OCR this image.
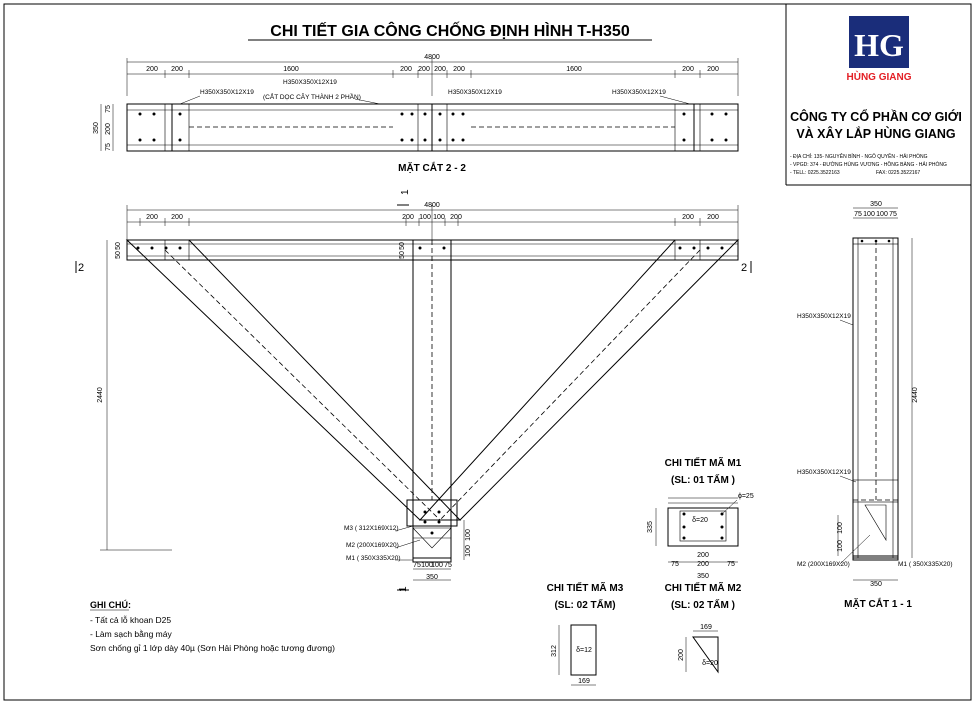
CHI TIẾT GIA CÔNG CHỐNG ĐỊNH HÌNH T-H350	HG
HÙNG GIANG
CÔNG TY CỔ PHẦN CƠ GIỚI
VÀ XÂY LẮP HÙNG GIANG
- ĐỊA CHỈ: 135- NGUYỄN BỈNH - NGÔ QUYỀN - HẢI PHÒNG
- VPGD: 374 - ĐƯỜNG HÙNG VƯƠNG - HỒNG BÀNG - HẢI PHÒNG
- TELL: 0225.3522163	FAX: 0225.3522167
4800
200 200	1600	200 200 200 200	1600	200 200
75
200
75
350
H350X350X12X19
H350X350X12X19
(CẮT DỌC CÂY THÀNH 2 PHẦN)
H350X350X12X19	H350X350X12X19
MẶT CẮT 2 - 2
4800
200 200	200 100 100 200	200 200
50
50
50
50
2440
2	2
1
1
M3 ( 312X169X12)
M2 (200X169X20)
M1 ( 350X335X20)
100
100
75 100
100 75
350
350
75 100 100 75
H350X350X12X19
H350X350X12X19
2440
100
100
M2 (200X169X20)	M1 ( 350X335X20)
350
MẶT CẮT 1 - 1
CHI TIẾT MÃ M1
(SL: 01 TẤM )
335
δ=20
ɸ=25
200
75	200	75
350
CHI TIẾT MÃ M3
(SL: 02 TẤM)
312	δ=12
169
CHI TIẾT MÃ M2
(SL: 02 TẤM )
169
200
δ=20
GHI CHÚ:
- Tất cả lỗ khoan D25
- Làm sạch bằng máy
Sơn chống gỉ 1 lớp dày 40µ (Sơn Hải Phòng hoặc tương đương)
